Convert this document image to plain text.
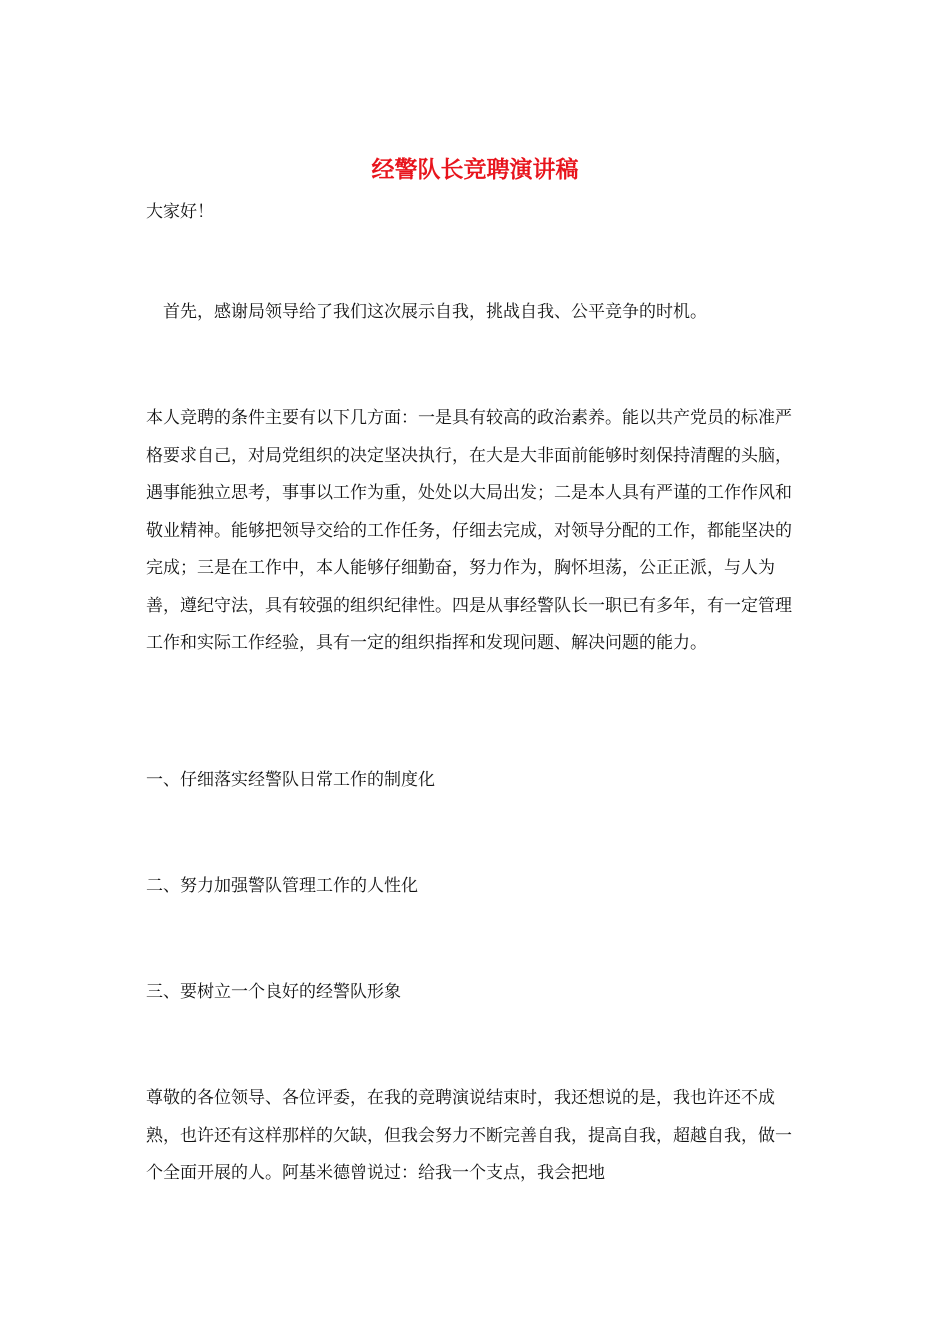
经警队长竞聘演讲稿

大家好！

首先，感谢局领导给了我们这次展示自我，挑战自我、公平竞争的时机。

本人竞聘的条件主要有以下几方面：一是具有较高的政治素养。能以共产党员的标准严格要求自己，对局党组织的决定坚决执行，在大是大非面前能够时刻保持清醒的头脑，遇事能独立思考，事事以工作为重，处处以大局出发；二是本人具有严谨的工作作风和敬业精神。能够把领导交给的工作任务，仔细去完成，对领导分配的工作，都能坚决的完成；三是在工作中，本人能够仔细勤奋，努力作为，胸怀坦荡，公正正派，与人为善，遵纪守法，具有较强的组织纪律性。四是从事经警队长一职已有多年，有一定管理工作和实际工作经验，具有一定的组织指挥和发现问题、解决问题的能力。

一、仔细落实经警队日常工作的制度化

二、努力加强警队管理工作的人性化

三、要树立一个良好的经警队形象

尊敬的各位领导、各位评委，在我的竞聘演说结束时，我还想说的是，我也许还不成熟，也许还有这样那样的欠缺，但我会努力不断完善自我，提高自我，超越自我，做一个全面开展的人。阿基米德曾说过：给我一个支点，我会把地
